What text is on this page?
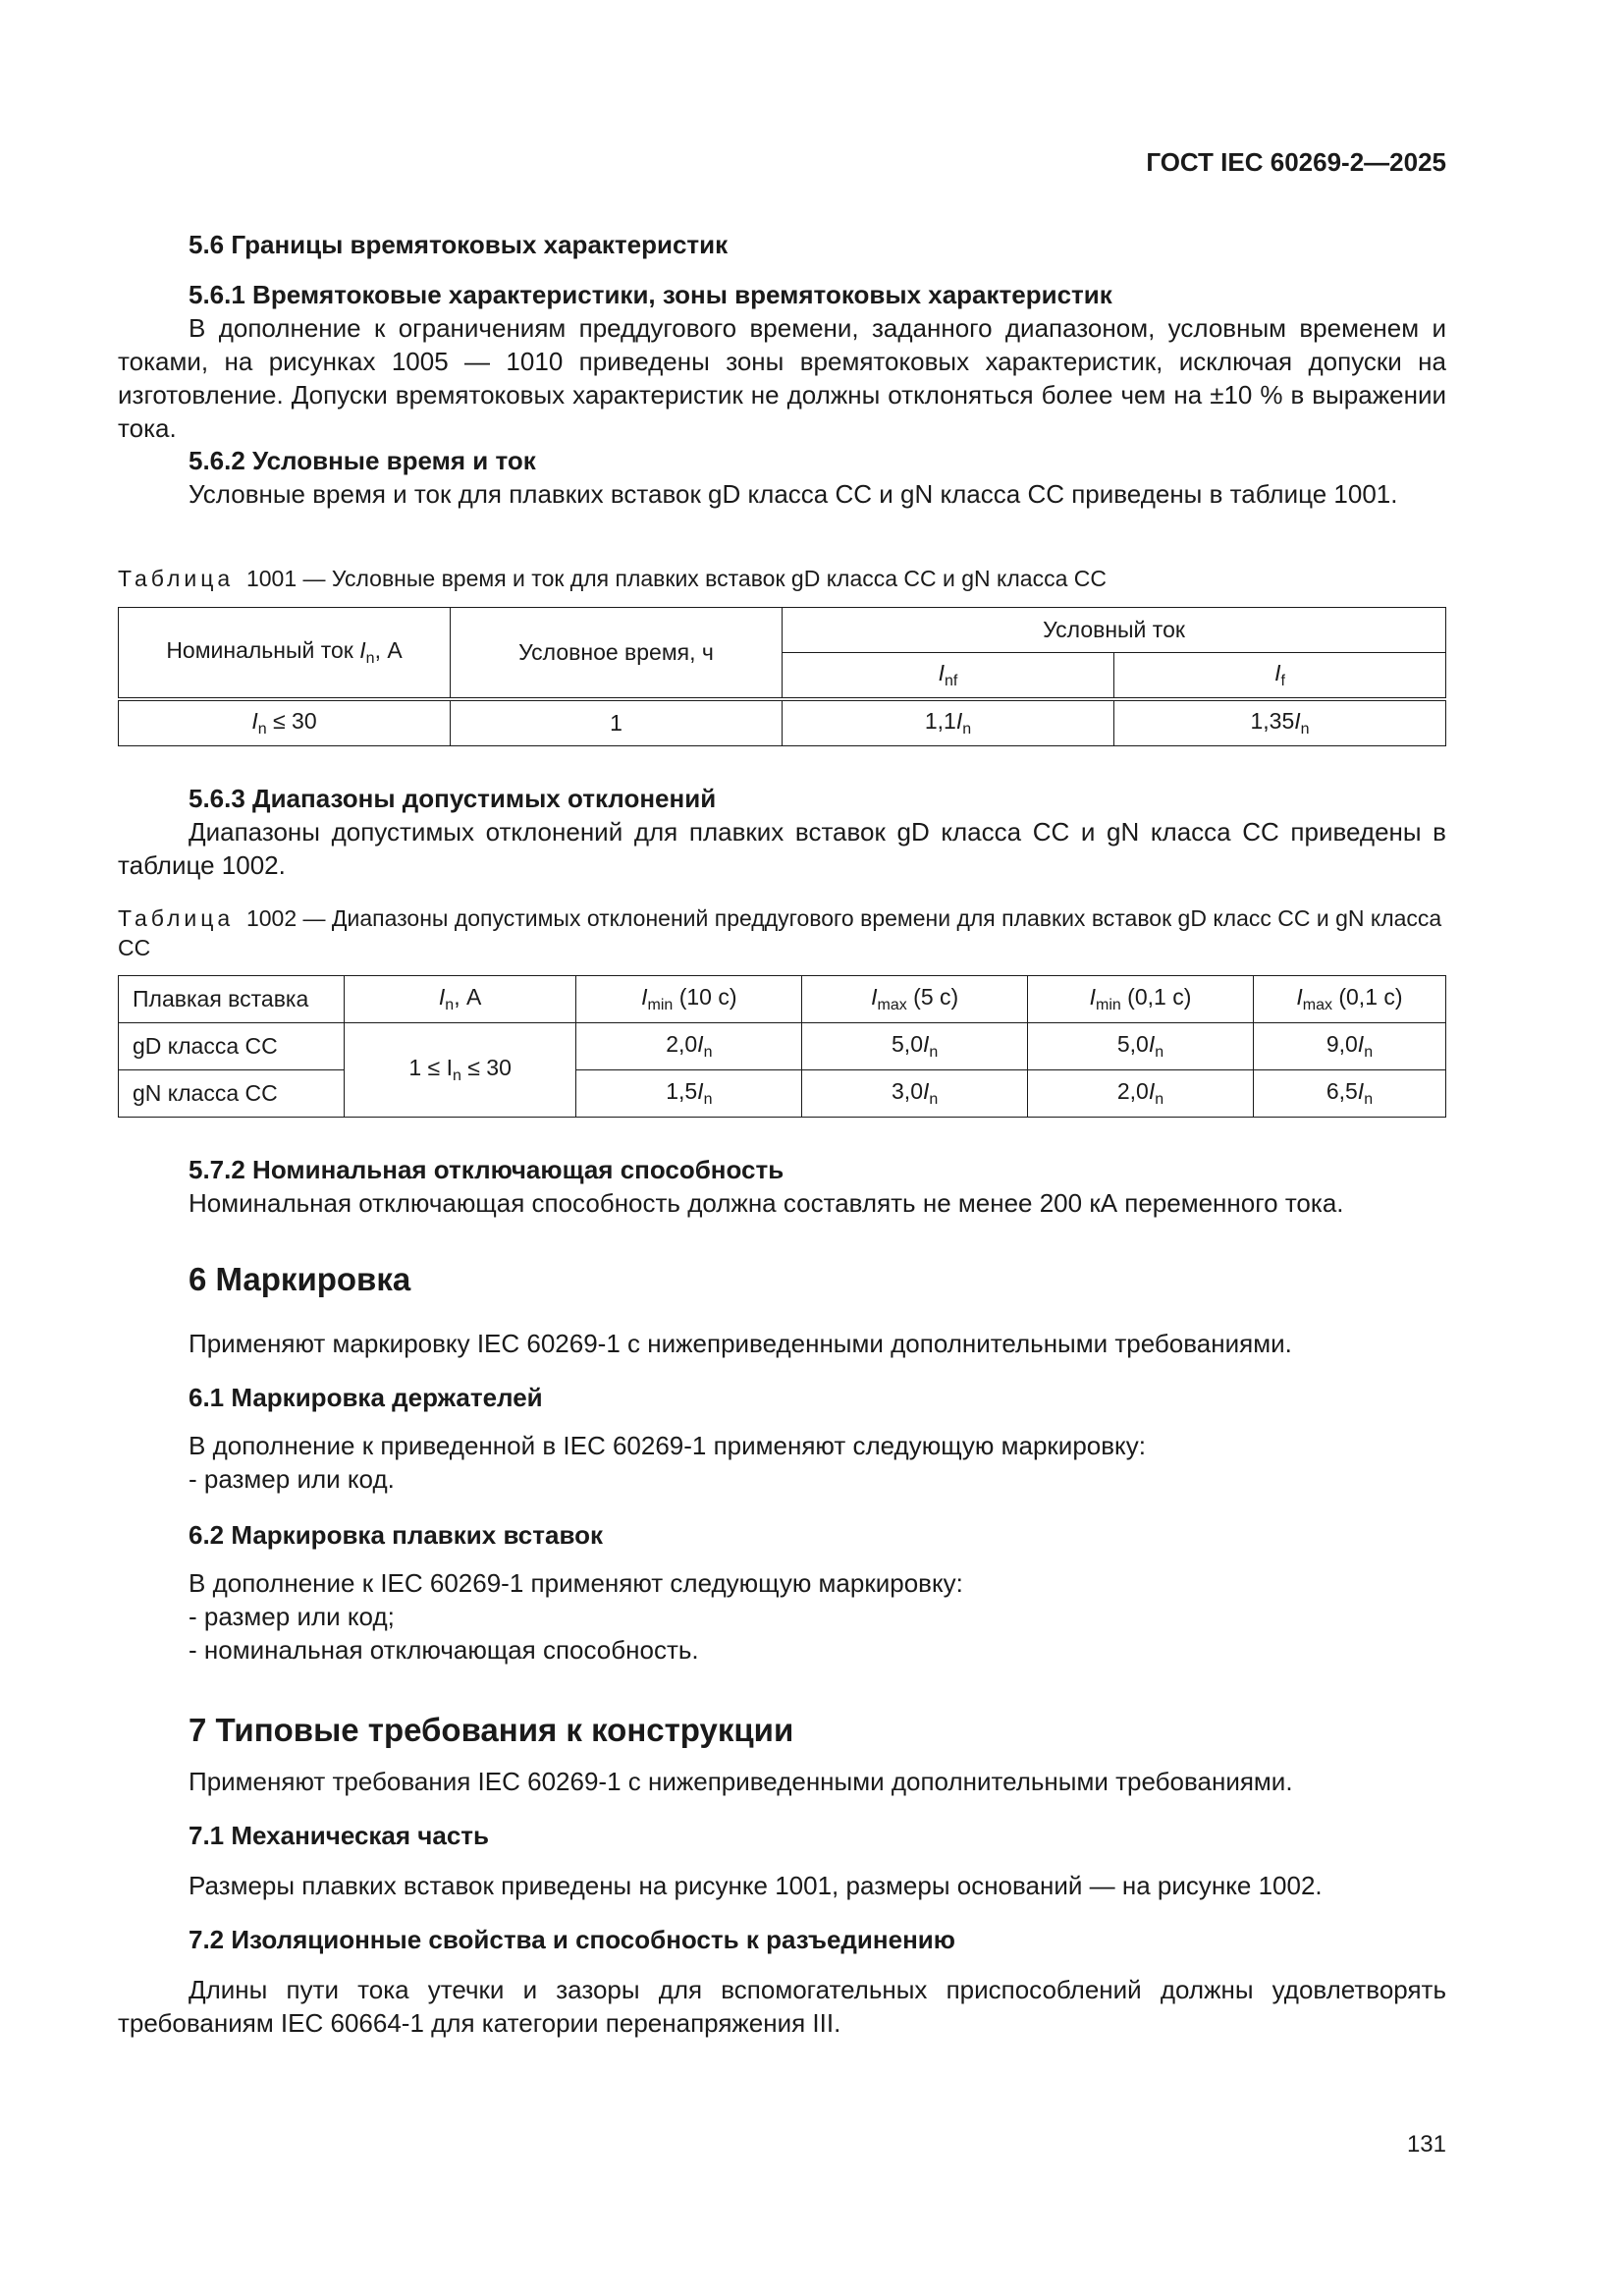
ГОСТ IEC 60269-2—2025
5.6 Границы времятоковых характеристик
5.6.1 Времятоковые характеристики, зоны времятоковых характеристик
В дополнение к ограничениям преддугового времени, заданного диапазоном, условным временем и токами, на рисунках 1005 — 1010 приведены зоны времятоковых характеристик, исключая допуски на изготовление. Допуски времятоковых характеристик не должны отклоняться более чем на ±10 % в выражении тока.
5.6.2 Условные время и ток
Условные время и ток для плавких вставок gD класса CC и gN класса CC приведены в таблице 1001.
Таблица 1001 — Условные время и ток для плавких вставок gD класса CC и gN класса CC
Номинальный ток $I_n$, А	Условное время, ч	Условный ток	
		$I_{nf}$	$I_f$
$I_n \le 30$	1	$1,1I_n$	$1,35I_n$
5.6.3 Диапазоны допустимых отклонений
Диапазоны допустимых отклонений для плавких вставок gD класса CC и gN класса CC приведены в таблице 1002.
Таблица 1002 — Диапазоны допустимых отклонений преддугового времени для плавких вставок gD класс CC и gN класса CC
Плавкая вставка	$I_n$, А	$I_{min}$ (10 с)	$I_{max}$ (5 с)	$I_{min}$ (0,1 с)	$I_{max}$ (0,1 с)
gD класса CC	$1 \le I_n \le 30$	$2,0I_n$	$5,0I_n$	$5,0I_n$	$9,0I_n$
gN класса CC		$1,5I_n$	$3,0I_n$	$2,0I_n$	$6,5I_n$
5.7.2 Номинальная отключающая способность
Номинальная отключающая способность должна составлять не менее 200 кА переменного тока.
6 Маркировка
Применяют маркировку IEC 60269-1 с нижеприведенными дополнительными требованиями.
6.1 Маркировка держателей
В дополнение к приведенной в IEC 60269-1 применяют следующую маркировку:
- размер или код.
6.2 Маркировка плавких вставок
В дополнение к IEC 60269-1 применяют следующую маркировку:
- размер или код;
- номинальная отключающая способность.
7 Типовые требования к конструкции
Применяют требования IEC 60269-1 с нижеприведенными дополнительными требованиями.
7.1 Механическая часть
Размеры плавких вставок приведены на рисунке 1001, размеры оснований — на рисунке 1002.
7.2 Изоляционные свойства и способность к разъединению
Длины пути тока утечки и зазоры для вспомогательных приспособлений должны удовлетворять требованиям IEC 60664-1 для категории перенапряжения III.
131
